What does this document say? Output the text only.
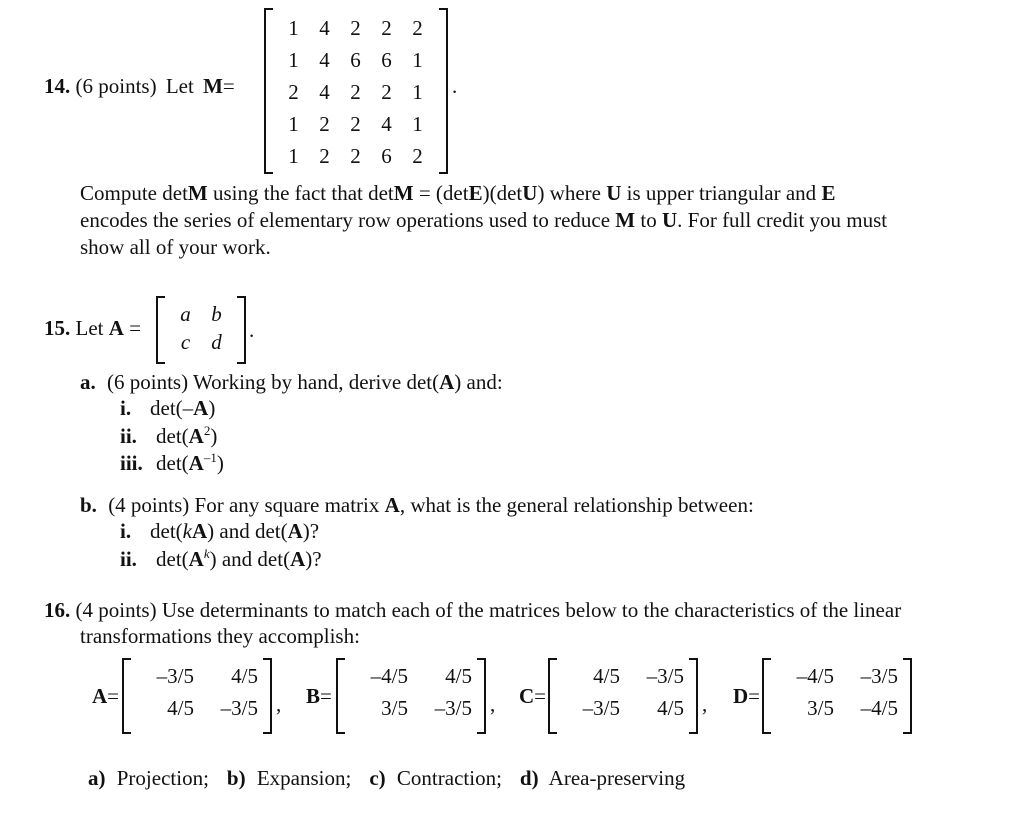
14. (6 points) Let M=
1 4 2 2 2
1 4 6 6 1
2 4 2 2 1
1 2 2 4 1
1 2 2 6 2
.
Compute detM using the fact that detM = (detE)(detU) where U is upper triangular and E
encodes the series of elementary row operations used to reduce M to U. For full credit you must
show all of your work.
15. Let A =
a b
c	d	.
a. (6 points) Working by hand, derive det(A) and:
i. det(–A)
ii. $\det(A^2)$
iii. $\det(A^{-1})$
b. (4 points) For any square matrix A, what is the general relationship between:
i. det(kA) and det(A)?
ii. $\det(A^k)$ and det(A)?
16. (4 points) Use determinants to match each of the matrices below to the characteristics of the linear
transformations they accomplish:
A=
–3/5	4/5
4/5	–3/5 , B=
–4/5	4/5
3/5	–3/5 , C=
4/5	–3/5
–3/5	4/5 , D=
–4/5	–3/5
3/5	–4/5
a) Projection; b) Expansion; c) Contraction; d) Area-preserving
